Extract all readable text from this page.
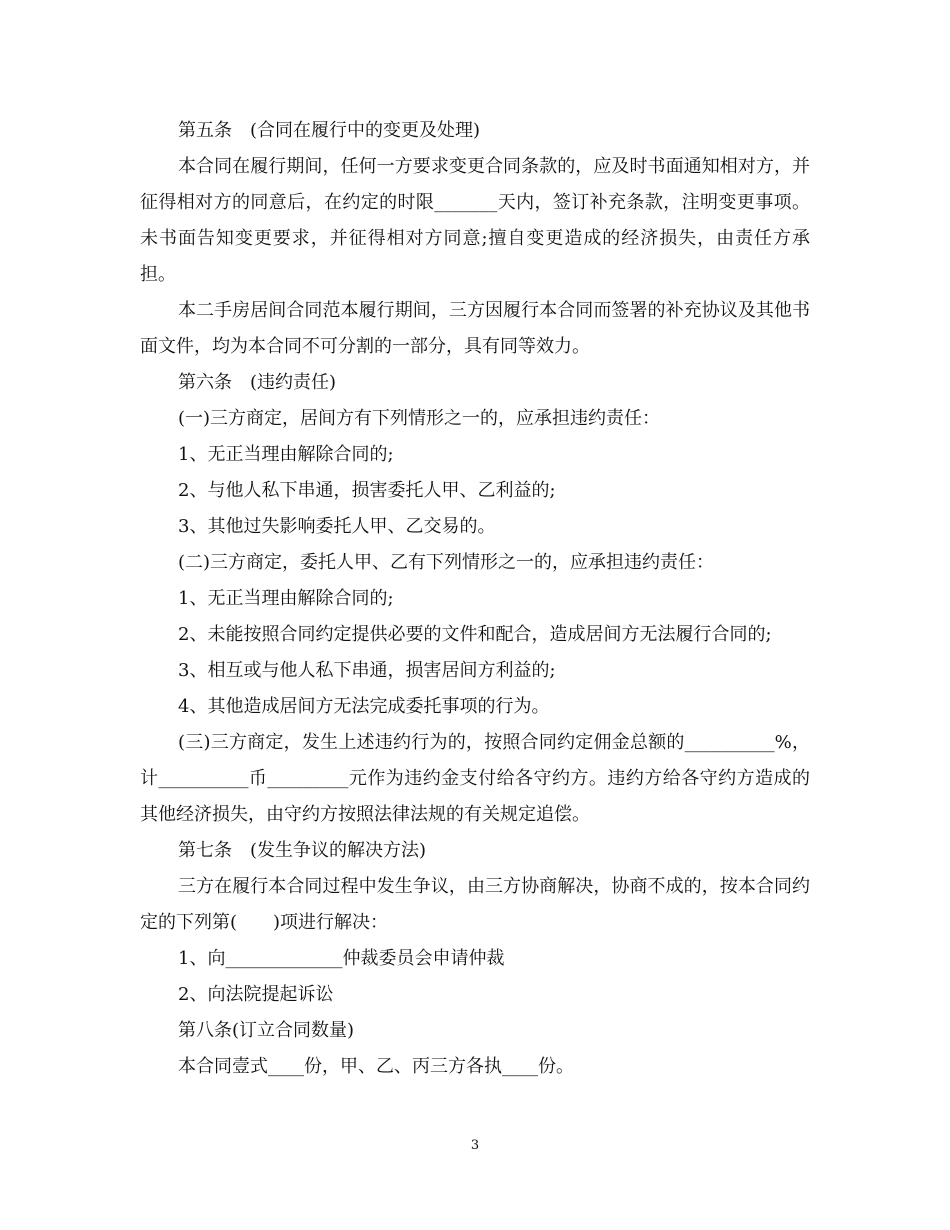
第五条　(合同在履行中的变更及处理)

本合同在履行期间，任何一方要求变更合同条款的，应及时书面通知相对方，并征得相对方的同意后，在约定的时限_______天内，签订补充条款，注明变更事项。未书面告知变更要求，并征得相对方同意;擅自变更造成的经济损失，由责任方承担。

本二手房居间合同范本履行期间，三方因履行本合同而签署的补充协议及其他书面文件，均为本合同不可分割的一部分，具有同等效力。

第六条　(违约责任)

(一)三方商定，居间方有下列情形之一的，应承担违约责任：

1、无正当理由解除合同的;

2、与他人私下串通，损害委托人甲、乙利益的;

3、其他过失影响委托人甲、乙交易的。

(二)三方商定，委托人甲、乙有下列情形之一的，应承担违约责任：

1、无正当理由解除合同的;

2、未能按照合同约定提供必要的文件和配合，造成居间方无法履行合同的;

3、相互或与他人私下串通，损害居间方利益的;

4、其他造成居间方无法完成委托事项的行为。

(三)三方商定，发生上述违约行为的，按照合同约定佣金总额的__________%，计__________币_________元作为违约金支付给各守约方。违约方给各守约方造成的其他经济损失，由守约方按照法律法规的有关规定追偿。

第七条　(发生争议的解决方法)

三方在履行本合同过程中发生争议，由三方协商解决，协商不成的，按本合同约定的下列第(　　)项进行解决：

1、向_____________仲裁委员会申请仲裁

2、向法院提起诉讼

第八条(订立合同数量)

本合同壹式____份，甲、乙、丙三方各执____份。

3
